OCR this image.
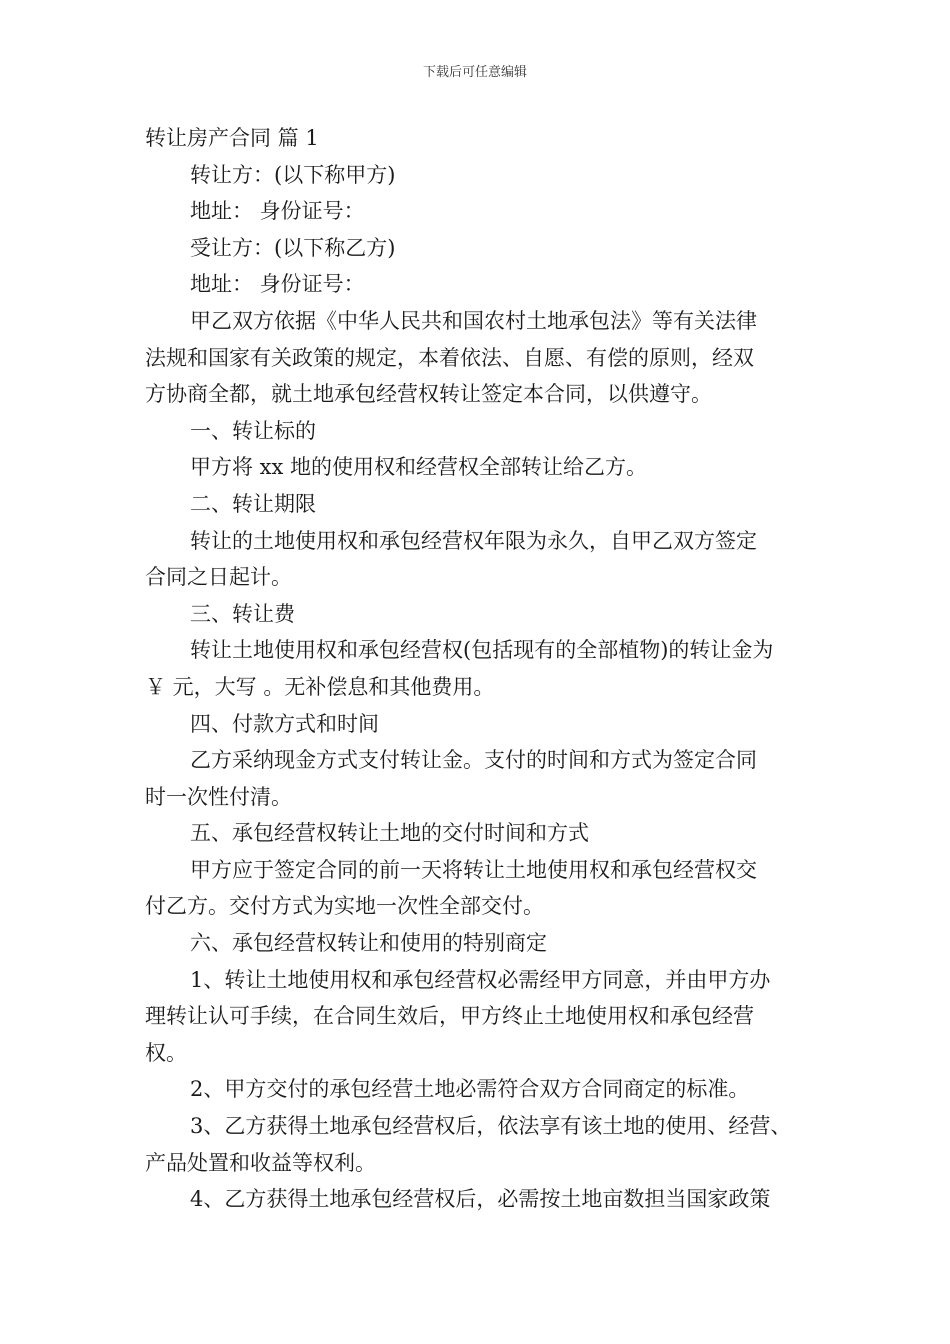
下载后可任意编辑

转让房产合同 篇 1

转让方：(以下称甲方)

地址： 身份证号：

受让方：(以下称乙方)

地址： 身份证号：

甲乙双方依据《中华人民共和国农村土地承包法》等有关法律

法规和国家有关政策的规定，本着依法、自愿、有偿的原则，经双

方协商全都，就土地承包经营权转让签定本合同，以供遵守。

一、转让标的

甲方将 xx 地的使用权和经营权全部转让给乙方。

二、转让期限

转让的土地使用权和承包经营权年限为永久，自甲乙双方签定

合同之日起计。

三、转让费

转让土地使用权和承包经营权(包括现有的全部植物)的转让金为

￥ 元，大写 。无补偿息和其他费用。

四、付款方式和时间

乙方采纳现金方式支付转让金。支付的时间和方式为签定合同

时一次性付清。

五、承包经营权转让土地的交付时间和方式

甲方应于签定合同的前一天将转让土地使用权和承包经营权交

付乙方。交付方式为实地一次性全部交付。

六、承包经营权转让和使用的特别商定

1、转让土地使用权和承包经营权必需经甲方同意，并由甲方办

理转让认可手续，在合同生效后，甲方终止土地使用权和承包经营

权。

2、甲方交付的承包经营土地必需符合双方合同商定的标准。

3、乙方获得土地承包经营权后，依法享有该土地的使用、经营、

产品处置和收益等权利。

4、乙方获得土地承包经营权后，必需按土地亩数担当国家政策
